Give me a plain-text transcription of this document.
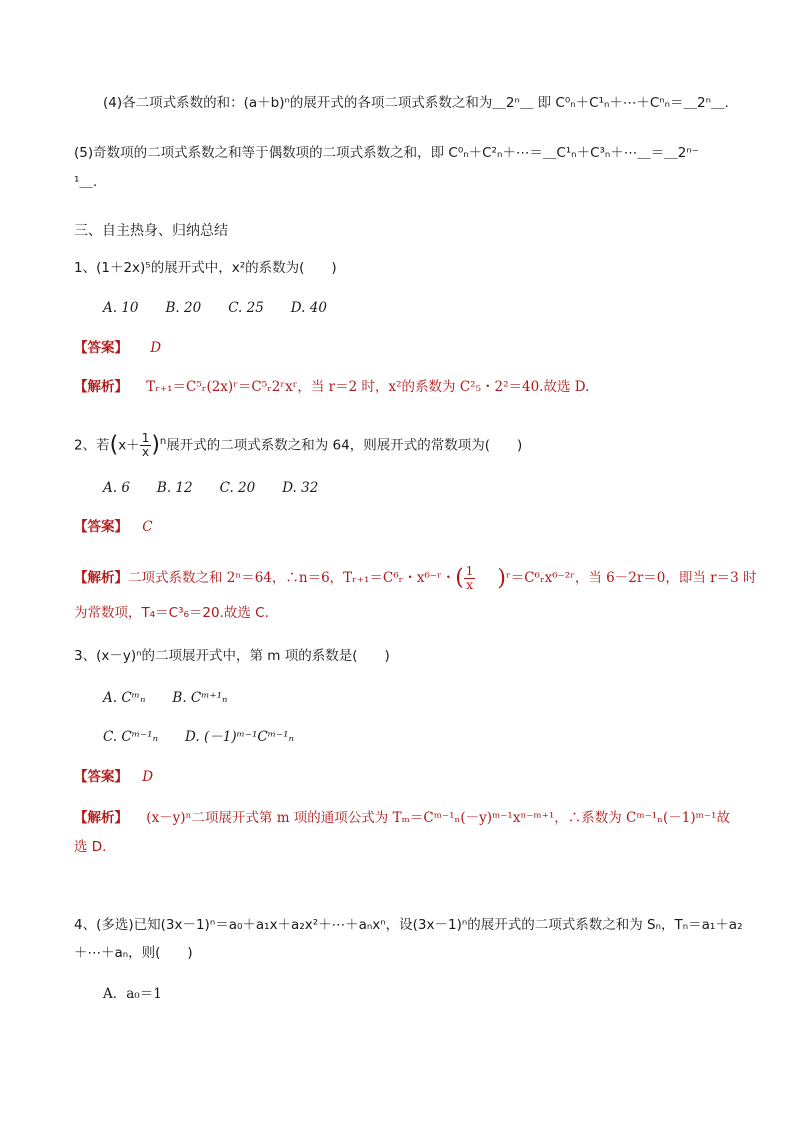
(4)各二项式系数的和：(a＋b)ⁿ的展开式的各项二项式系数之和为＿2ⁿ＿ 即 C⁰ₙ＋C¹ₙ＋⋯＋Cⁿₙ＝＿2ⁿ＿.
(5)奇数项的二项式系数之和等于偶数项的二项式系数之和，即 C⁰ₙ＋C²ₙ＋⋯＝＿C¹ₙ＋C³ₙ＋⋯＿＝＿2ⁿ⁻
¹＿.
三、自主热身、归纳总结
1、(1＋2x)⁵的展开式中，x²的系数为(　　)
A. 10　　B. 20　　C. 25　　D. 40
【答案】 D
【解析】 Tᵣ₊₁＝C⁵ᵣ(2x)ʳ＝C⁵ᵣ2ʳxʳ，当 r＝2 时，x²的系数为 C²₅・2²＝40.故选 D.
2、若$(x+ \frac{1}{x} )^n$展开式的二项式系数之和为 64，则展开式的常数项为(　　)
A. 6　　B. 12　　C. 20　　D. 32
【答案】 C
【解析】二项式系数之和 2ⁿ＝64，∴n＝6，Tᵣ₊₁＝C⁶ᵣ・x⁶⁻ʳ・( $\frac{1}{x}$ )ʳ＝C⁶ᵣx⁶⁻²ʳ，当 6－2r＝0，即当 r＝3 时
为常数项，T₄＝C³₆＝20.故选 C.
3、(x－y)ⁿ的二项展开式中，第 m 项的系数是(　　)
A. Cᵐₙ　　B. Cᵐ⁺¹ₙ
C. Cᵐ⁻¹ₙ　　D. (－1)ᵐ⁻¹Cᵐ⁻¹ₙ
【答案】 D
【解析】 (x－y)ⁿ二项展开式第 m 项的通项公式为 Tₘ＝Cᵐ⁻¹ₙ(－y)ᵐ⁻¹xⁿ⁻ᵐ⁺¹，∴系数为 Cᵐ⁻¹ₙ(－1)ᵐ⁻¹故
选 D.
4、(多选)已知(3x－1)ⁿ＝a₀＋a₁x＋a₂x²＋⋯＋aₙxⁿ，设(3x－1)ⁿ的展开式的二项式系数之和为 Sₙ，Tₙ＝a₁＋a₂
＋⋯＋aₙ，则(　　)
A．a₀＝1
